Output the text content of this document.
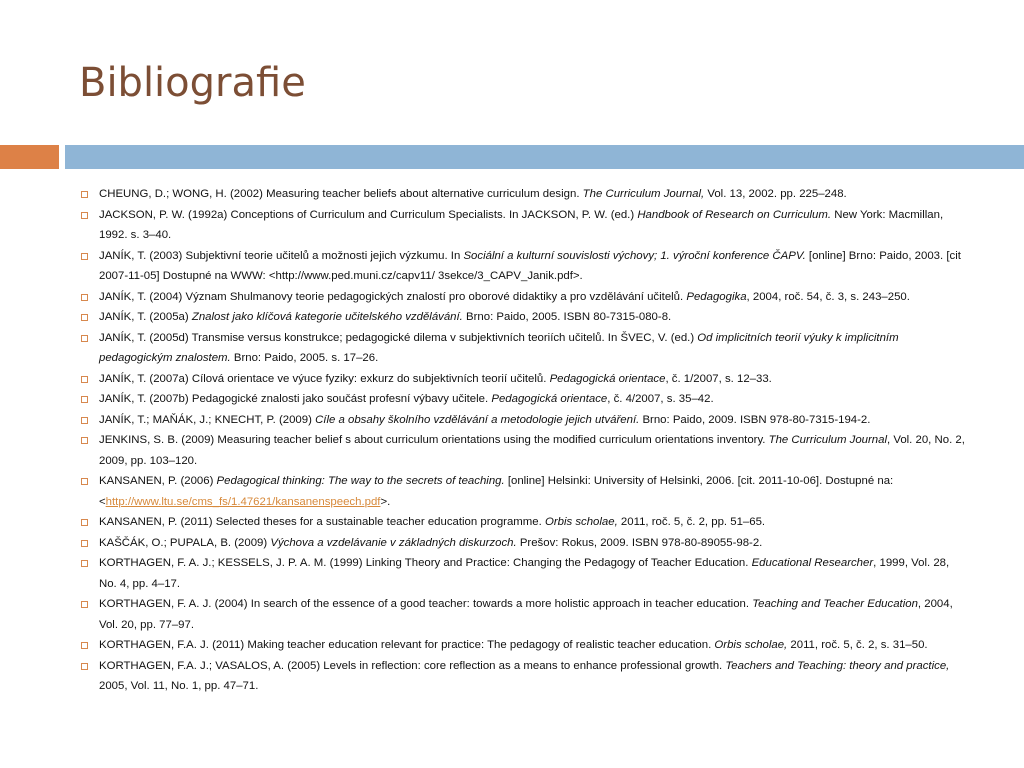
Bibliografie
CHEUNG, D.; WONG, H. (2002) Measuring teacher beliefs about alternative curriculum design. The Curriculum Journal, Vol. 13, 2002. pp. 225–248.
JACKSON, P. W. (1992a) Conceptions of Curriculum and Curriculum Specialists. In JACKSON, P. W. (ed.) Handbook of Research on Curriculum. New York: Macmillan, 1992. s. 3–40.
JANÍK, T. (2003) Subjektivní teorie učitelů a možnosti jejich výzkumu. In Sociální a kulturní souvislosti výchovy; 1. výroční konference ČAPV. [online] Brno: Paido, 2003. [cit 2007-11-05] Dostupné na WWW: <http://www.ped.muni.cz/capv11/ 3sekce/3_CAPV_Janik.pdf>.
JANÍK, T. (2004) Význam Shulmanovy teorie pedagogických znalostí pro oborové didaktiky a pro vzdělávání učitelů. Pedagogika, 2004, roč. 54, č. 3, s. 243–250.
JANÍK, T. (2005a) Znalost jako klíčová kategorie učitelského vzdělávání. Brno: Paido, 2005. ISBN 80-7315-080-8.
JANÍK, T. (2005d) Transmise versus konstrukce; pedagogické dilema v subjektivních teoriích učitelů. In ŠVEC, V. (ed.) Od implicitních teorií výuky k implicitním pedagogickým znalostem. Brno: Paido, 2005. s. 17–26.
JANÍK, T. (2007a) Cílová orientace ve výuce fyziky: exkurz do subjektivních teorií učitelů. Pedagogická orientace, č. 1/2007, s. 12–33.
JANÍK, T. (2007b) Pedagogické znalosti jako součást profesní výbavy učitele. Pedagogická orientace, č. 4/2007, s. 35–42.
JANÍK, T.; MAŇÁK, J.; KNECHT, P. (2009) Cíle a obsahy školního vzdělávání a metodologie jejich utváření. Brno: Paido, 2009. ISBN 978-80-7315-194-2.
JENKINS, S. B. (2009) Measuring teacher belief s about curriculum orientations using the modified curriculum orientations inventory. The Curriculum Journal, Vol. 20, No. 2, 2009, pp. 103–120.
KANSANEN, P. (2006) Pedagogical thinking: The way to the secrets of teaching. [online] Helsinki: University of Helsinki, 2006. [cit. 2011-10-06]. Dostupné na: <http://www.ltu.se/cms_fs/1.47621/kansanenspeech.pdf>.
KANSANEN, P. (2011) Selected theses for a sustainable teacher education programme. Orbis scholae, 2011, roč. 5, č. 2, pp. 51–65.
KAŠČÁK, O.; PUPALA, B. (2009) Výchova a vzdelávanie v základných diskurzoch. Prešov: Rokus, 2009. ISBN 978-80-89055-98-2.
KORTHAGEN, F. A. J.; KESSELS, J. P. A. M. (1999) Linking Theory and Practice: Changing the Pedagogy of Teacher Education. Educational Researcher, 1999, Vol. 28, No. 4, pp. 4–17.
KORTHAGEN, F. A. J. (2004) In search of the essence of a good teacher: towards a more holistic approach in teacher education. Teaching and Teacher Education, 2004, Vol. 20, pp. 77–97.
KORTHAGEN, F.A. J. (2011) Making teacher education relevant for practice: The pedagogy of realistic teacher education. Orbis scholae, 2011, roč. 5, č. 2, s. 31–50.
KORTHAGEN, F.A. J.; VASALOS, A. (2005) Levels in reflection: core reflection as a means to enhance professional growth. Teachers and Teaching: theory and practice, 2005, Vol. 11, No. 1, pp. 47–71.
